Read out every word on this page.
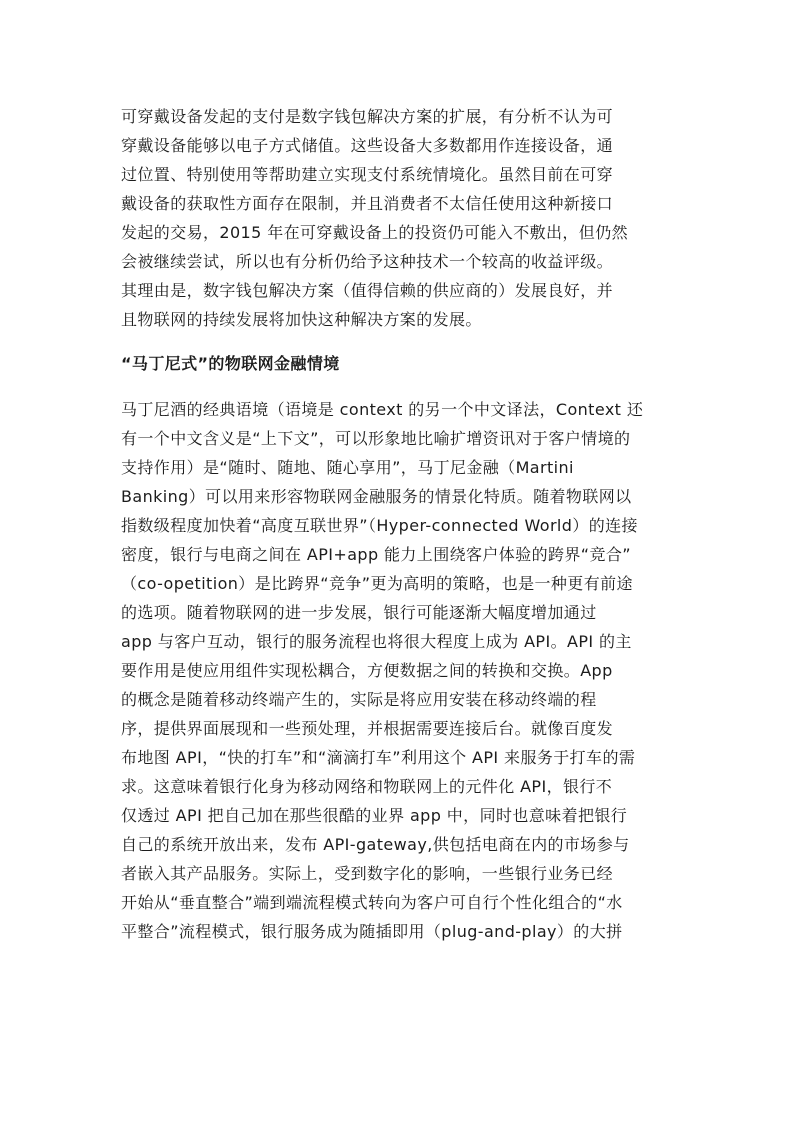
可穿戴设备发起的支付是数字钱包解决方案的扩展，有分析不认为可
穿戴设备能够以电子方式储值。这些设备大多数都用作连接设备，通
过位置、特别使用等帮助建立实现支付系统情境化。虽然目前在可穿
戴设备的获取性方面存在限制，并且消费者不太信任使用这种新接口
发起的交易，2015 年在可穿戴设备上的投资仍可能入不敷出，但仍然
会被继续尝试，所以也有分析仍给予这种技术一个较高的收益评级。
其理由是，数字钱包解决方案（值得信赖的供应商的）发展良好，并
且物联网的持续发展将加快这种解决方案的发展。
“马丁尼式”的物联网金融情境
马丁尼酒的经典语境（语境是 context 的另一个中文译法，Context 还
有一个中文含义是“上下文”，可以形象地比喻扩增资讯对于客户情境的
支持作用）是“随时、随地、随心享用”，马丁尼金融（Martini
Banking）可以用来形容物联网金融服务的情景化特质。随着物联网以
指数级程度加快着“高度互联世界”（Hyper-connected World）的连接
密度，银行与电商之间在 API+app 能力上围绕客户体验的跨界“竞合”
（co-opetition）是比跨界“竞争”更为高明的策略，也是一种更有前途
的选项。随着物联网的进一步发展，银行可能逐渐大幅度增加通过
app 与客户互动，银行的服务流程也将很大程度上成为 API。API 的主
要作用是使应用组件实现松耦合，方便数据之间的转换和交换。App
的概念是随着移动终端产生的，实际是将应用安装在移动终端的程
序，提供界面展现和一些预处理，并根据需要连接后台。就像百度发
布地图 API，“快的打车”和“滴滴打车”利用这个 API 来服务于打车的需
求。这意味着银行化身为移动网络和物联网上的元件化 API，银行不
仅透过 API 把自己加在那些很酷的业界 app 中，同时也意味着把银行
自己的系统开放出来，发布 API-gateway,供包括电商在内的市场参与
者嵌入其产品服务。实际上，受到数字化的影响，一些银行业务已经
开始从“垂直整合”端到端流程模式转向为客户可自行个性化组合的“水
平整合”流程模式，银行服务成为随插即用（plug-and-play）的大拼
